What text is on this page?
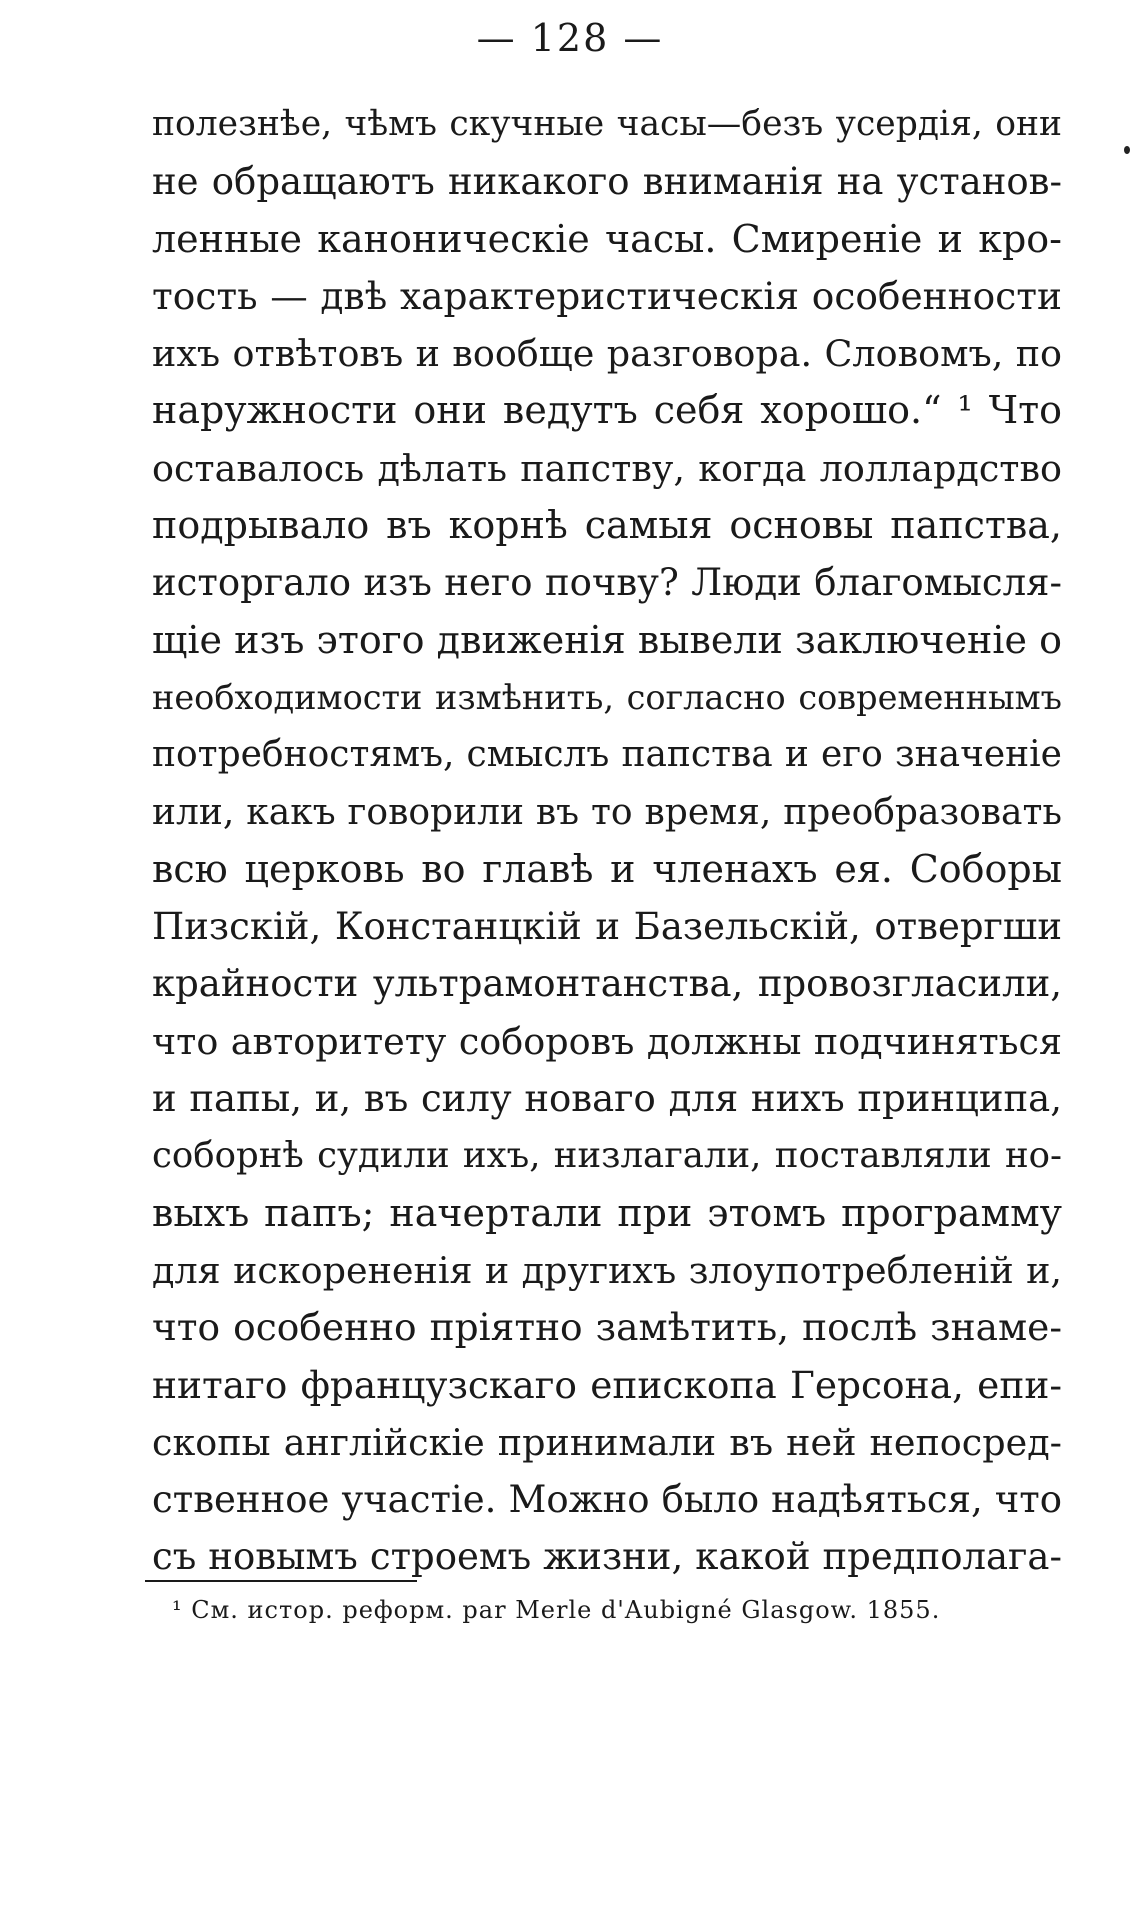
— 128 —
полезнѣе, чѣмъ скучные часы—безъ усердія, они
не обращаютъ никакого вниманія на установ-
ленные каноническіе часы. Смиреніе и кро-
тость — двѣ характеристическія особенности
ихъ отвѣтовъ и вообще разговора. Словомъ, по
наружности они ведутъ себя хорошо.“ ¹ Что
оставалось дѣлать папству, когда лоллардство
подрывало въ корнѣ самыя основы папства,
исторгало изъ него почву? Люди благомысля-
щіе изъ этого движенія вывели заключеніе о
необходимости измѣнить, согласно современнымъ
потребностямъ, смыслъ папства и его значеніе
или, какъ говорили въ то время, преобразовать
всю церковь во главѣ и членахъ ея. Соборы
Пизскій, Констанцкій и Базельскій, отвергши
крайности ультрамонтанства, провозгласили,
что авторитету соборовъ должны подчиняться
и папы, и, въ силу новаго для нихъ принципа,
соборнѣ судили ихъ, низлагали, поставляли но-
выхъ папъ; начертали при этомъ программу
для искорененія и другихъ злоупотребленій и,
что особенно пріятно замѣтить, послѣ знаме-
нитаго французскаго епископа Герсона, епи-
скопы англійскіе принимали въ ней непосред-
ственное участіе. Можно было надѣяться, что
съ новымъ строемъ жизни, какой предполага-
¹ См. истор. реформ. par Merle d'Aubigné Glasgow. 1855.
